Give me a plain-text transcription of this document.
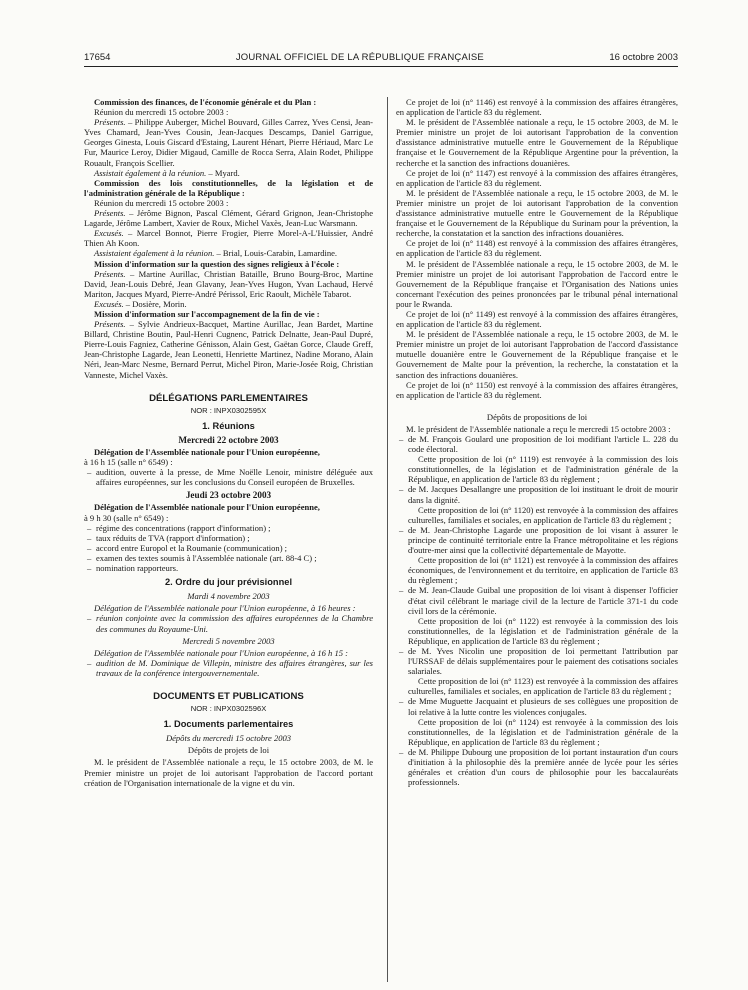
17654	JOURNAL OFFICIEL DE LA RÉPUBLIQUE FRANÇAISE	16 octobre 2003

Commission des finances, de l'économie générale et du Plan :

Réunion du mercredi 15 octobre 2003 :

Présents. – Philippe Auberger, Michel Bouvard, Gilles Carrez, Yves Censi, Jean-Yves Chamard, Jean-Yves Cousin, Jean-Jacques Descamps, Daniel Garrigue, Georges Ginesta, Louis Giscard d'Estaing, Laurent Hénart, Pierre Hériaud, Marc Le Fur, Maurice Leroy, Didier Migaud, Camille de Rocca Serra, Alain Rodet, Philippe Rouault, François Scellier.

Assistait également à la réunion. – Myard.

Commission des lois constitutionnelles, de la législation et de l'administration générale de la République :

Réunion du mercredi 15 octobre 2003 :

Présents. – Jérôme Bignon, Pascal Clément, Gérard Grignon, Jean-Christophe Lagarde, Jérôme Lambert, Xavier de Roux, Michel Vaxès, Jean-Luc Warsmann.

Excusés. – Marcel Bonnot, Pierre Frogier, Pierre Morel-A-L'Huissier, André Thien Ah Koon.

Assistaient également à la réunion. – Brial, Louis-Carabin, Lamardine.

Mission d'information sur la question des signes religieux à l'école :

Présents. – Martine Aurillac, Christian Bataille, Bruno Bourg-Broc, Martine David, Jean-Louis Debré, Jean Glavany, Jean-Yves Hugon, Yvan Lachaud, Hervé Mariton, Jacques Myard, Pierre-André Périssol, Eric Raoult, Michèle Tabarot.

Excusés. – Dosière, Morin.

Mission d'information sur l'accompagnement de la fin de vie :

Présents. – Sylvie Andrieux-Bacquet, Martine Aurillac, Jean Bardet, Martine Billard, Christine Boutin, Paul-Henri Cugnenc, Patrick Delnatte, Jean-Paul Dupré, Pierre-Louis Fagniez, Catherine Génisson, Alain Gest, Gaëtan Gorce, Claude Greff, Jean-Christophe Lagarde, Jean Leonetti, Henriette Martinez, Nadine Morano, Alain Néri, Jean-Marc Nesme, Bernard Perrut, Michel Piron, Marie-Josée Roig, Christian Vanneste, Michel Vaxès.

DÉLÉGATIONS PARLEMENTAIRES
NOR : INPX0302595X
1. Réunions
Mercredi 22 octobre 2003

Délégation de l'Assemblée nationale pour l'Union européenne,

à 16 h 15 (salle n° 6549) :

– audition, ouverte à la presse, de Mme Noëlle Lenoir, ministre déléguée aux affaires européennes, sur les conclusions du Conseil européen de Bruxelles.
Jeudi 23 octobre 2003

Délégation de l'Assemblée nationale pour l'Union européenne,

à 9 h 30 (salle n° 6549) :

– régime des concentrations (rapport d'information) ;
– taux réduits de TVA (rapport d'information) ;
– accord entre Europol et la Roumanie (communication) ;
– examen des textes soumis à l'Assemblée nationale (art. 88-4 C) ;
– nomination rapporteurs.
2. Ordre du jour prévisionnel
Mardi 4 novembre 2003

Délégation de l'Assemblée nationale pour l'Union européenne, à 16 heures :

– réunion conjointe avec la commission des affaires européennes de la Chambre des communes du Royaume-Uni.
Mercredi 5 novembre 2003

Délégation de l'Assemblée nationale pour l'Union européenne, à 16 h 15 :

– audition de M. Dominique de Villepin, ministre des affaires étrangères, sur les travaux de la conférence intergouvernementale.
DOCUMENTS ET PUBLICATIONS
NOR : INPX0302596X
1. Documents parlementaires
Dépôts du mercredi 15 octobre 2003
Dépôts de projets de loi

M. le président de l'Assemblée nationale a reçu, le 15 octobre 2003, de M. le Premier ministre un projet de loi autorisant l'approbation de l'accord portant création de l'Organisation internationale de la vigne et du vin.

Ce projet de loi (n° 1146) est renvoyé à la commission des affaires étrangères, en application de l'article 83 du règlement.

M. le président de l'Assemblée nationale a reçu, le 15 octobre 2003, de M. le Premier ministre un projet de loi autorisant l'approbation de la convention d'assistance administrative mutuelle entre le Gouvernement de la République française et le Gouvernement de la République Argentine pour la prévention, la recherche et la sanction des infractions douanières.

Ce projet de loi (n° 1147) est renvoyé à la commission des affaires étrangères, en application de l'article 83 du règlement.

M. le président de l'Assemblée nationale a reçu, le 15 octobre 2003, de M. le Premier ministre un projet de loi autorisant l'approbation de la convention d'assistance administrative mutuelle entre le Gouvernement de la République française et le Gouvernement de la République du Surinam pour la prévention, la recherche, la constatation et la sanction des infractions douanières.

Ce projet de loi (n° 1148) est renvoyé à la commission des affaires étrangères, en application de l'article 83 du règlement.

M. le président de l'Assemblée nationale a reçu, le 15 octobre 2003, de M. le Premier ministre un projet de loi autorisant l'approbation de l'accord entre le Gouvernement de la République française et l'Organisation des Nations unies concernant l'exécution des peines prononcées par le tribunal pénal international pour le Rwanda.

Ce projet de loi (n° 1149) est renvoyé à la commission des affaires étrangères, en application de l'article 83 du règlement.

M. le président de l'Assemblée nationale a reçu, le 15 octobre 2003, de M. le Premier ministre un projet de loi autorisant l'approbation de l'accord d'assistance mutuelle douanière entre le Gouvernement de la République française et le Gouvernement de Malte pour la prévention, la recherche, la constatation et la sanction des infractions douanières.

Ce projet de loi (n° 1150) est renvoyé à la commission des affaires étrangères, en application de l'article 83 du règlement.

Dépôts de propositions de loi

M. le président de l'Assemblée nationale a reçu le mercredi 15 octobre 2003 :

– de M. François Goulard une proposition de loi modifiant l'article L. 228 du code électoral.

Cette proposition de loi (n° 1119) est renvoyée à la commission des lois constitutionnelles, de la législation et de l'administration générale de la République, en application de l'article 83 du règlement ;

– de M. Jacques Desallangre une proposition de loi instituant le droit de mourir dans la dignité.

Cette proposition de loi (n° 1120) est renvoyée à la commission des affaires culturelles, familiales et sociales, en application de l'article 83 du règlement ;

– de M. Jean-Christophe Lagarde une proposition de loi visant à assurer le principe de continuité territoriale entre la France métropolitaine et les régions d'outre-mer ainsi que la collectivité départementale de Mayotte.

Cette proposition de loi (n° 1121) est renvoyée à la commission des affaires économiques, de l'environnement et du territoire, en application de l'article 83 du règlement ;

– de M. Jean-Claude Guibal une proposition de loi visant à dispenser l'officier d'état civil célébrant le mariage civil de la lecture de l'article 371-1 du code civil lors de la cérémonie.

Cette proposition de loi (n° 1122) est renvoyée à la commission des lois constitutionnelles, de la législation et de l'administration générale de la République, en application de l'article 83 du règlement ;

– de M. Yves Nicolin une proposition de loi permettant l'attribution par l'URSSAF de délais supplémentaires pour le paiement des cotisations sociales salariales.

Cette proposition de loi (n° 1123) est renvoyée à la commission des affaires culturelles, familiales et sociales, en application de l'article 83 du règlement ;

– de Mme Muguette Jacquaint et plusieurs de ses collègues une proposition de loi relative à la lutte contre les violences conjugales.

Cette proposition de loi (n° 1124) est renvoyée à la commission des lois constitutionnelles, de la législation et de l'administration générale de la République, en application de l'article 83 du règlement ;

– de M. Philippe Dubourg une proposition de loi portant instauration d'un cours d'initiation à la philosophie dès la première année de lycée pour les séries générales et création d'un cours de philosophie pour les baccalauréats professionnels.
